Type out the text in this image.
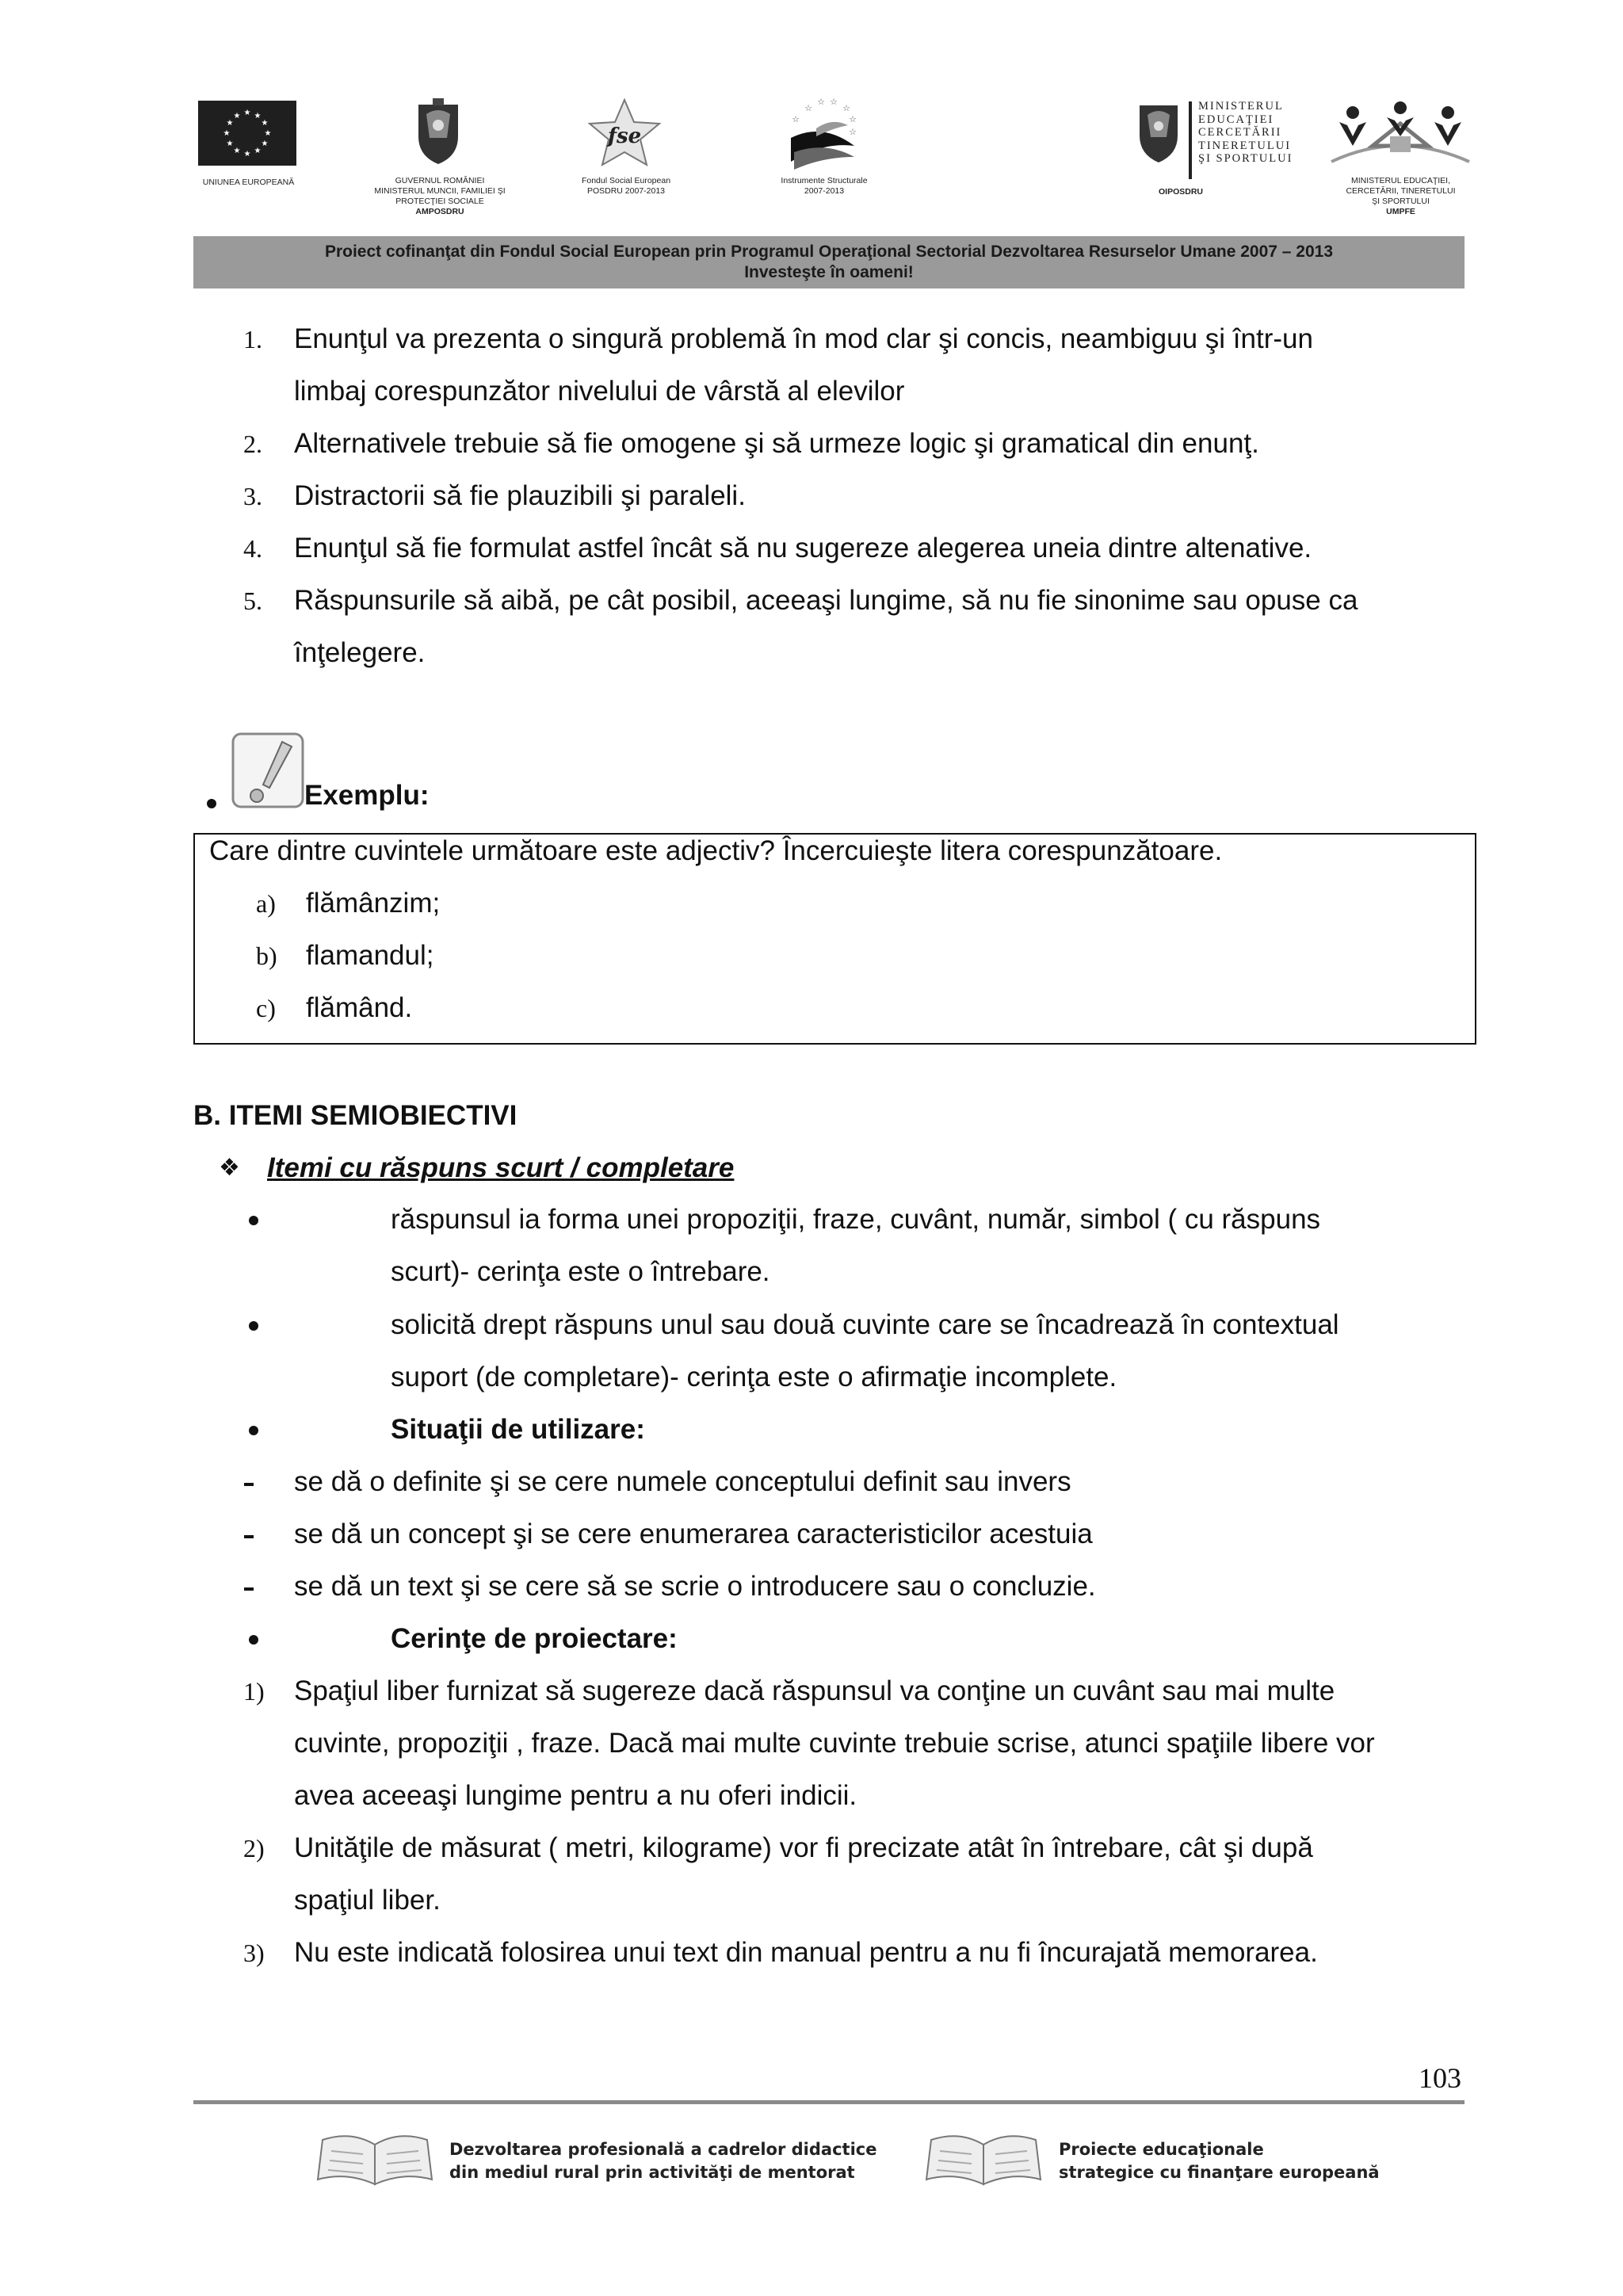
★ ★
★
★
★
★
★
★
★
★
★
★
UNIUNEA EUROPEANĂ	GUVERNUL ROMÂNIEI
MINISTERUL MUNCII, FAMILIEI ŞI
PROTECŢIEI SOCIALE
AMPOSDRU
fse
Fondul Social European
POSDRU 2007-2013
☆
☆ ☆
☆
☆
☆
☆
Instrumente Structurale
2007-2013
MINISTERUL
EDUCAŢIEI
CERCETĂRII
TINERETULUI
ŞI SPORTULUI
OIPOSDRU
MINISTERUL EDUCAŢIEI,
CERCETĂRII, TINERETULUI
ŞI SPORTULUI
UMPFE
Proiect cofinanţat din Fondul Social European prin Programul Operaţional Sectorial Dezvoltarea Resurselor Umane 2007 – 2013
Investeşte în oameni!
1. Enunţul va prezenta o singură problemă în mod clar şi concis, neambiguu şi într-un
limbaj corespunzător nivelului de vârstă al elevilor
2. Alternativele trebuie să fie omogene şi să urmeze logic şi gramatical din enunţ.
3. Distractorii să fie plauzibili şi paraleli.
4. Enunţul să fie formulat astfel încât să nu sugereze alegerea uneia dintre altenative.
5. Răspunsurile să aibă, pe cât posibil, aceeaşi lungime, să nu fie sinonime sau opuse ca
înţelegere.
Exemplu:
Care dintre cuvintele următoare este adjectiv? Încercuieşte litera corespunzătoare.
a) flămânzim;
b) flamandul;
c) flămând.
B. ITEMI SEMIOBIECTIVI
❖ Itemi cu răspuns scurt / completare
răspunsul ia forma unei propoziţii, fraze, cuvânt, număr, simbol ( cu răspuns
scurt)- cerinţa este o întrebare.
solicită drept răspuns unul sau două cuvinte care se încadrează în contextual
suport (de completare)- cerinţa este o afirmaţie incomplete.
Situaţii de utilizare:
se dă o definite şi se cere numele conceptului definit sau invers
se dă un concept şi se cere enumerarea caracteristicilor acestuia
se dă un text şi se cere să se scrie o introducere sau o concluzie.
Cerinţe de proiectare:
1) Spaţiul liber furnizat să sugereze dacă răspunsul va conţine un cuvânt sau mai multe
cuvinte, propoziţii , fraze. Dacă mai multe cuvinte trebuie scrise, atunci spaţiile libere vor
avea aceeaşi lungime pentru a nu oferi indicii.
2) Unităţile de măsurat ( metri, kilograme) vor fi precizate atât în întrebare, cât şi după
spaţiul liber.
3) Nu este indicată folosirea unui text din manual pentru a nu fi încurajată memorarea.
103
Dezvoltarea profesională a cadrelor didactice
din mediul rural prin activităţi de mentorat
Proiecte educaţionale
strategice cu finanţare europeană
